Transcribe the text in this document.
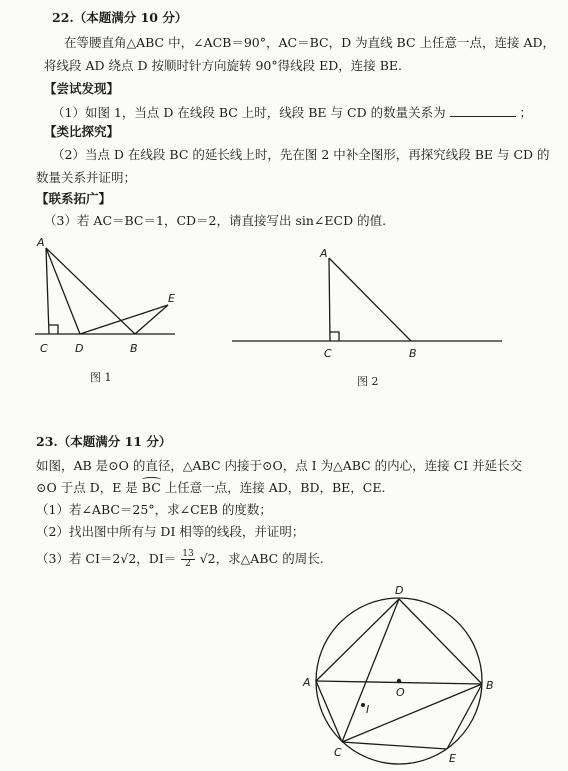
22.（本题满分 10 分）
在等腰直角△ABC 中，∠ACB＝90°，AC＝BC，D 为直线 BC 上任意一点，连接 AD，
将线段 AD 绕点 D 按顺时针方向旋转 90°得线段 ED，连接 BE.
【尝试发现】
（1）如图 1，当点 D 在线段 BC 上时，线段 BE 与 CD 的数量关系为	；
【类比探究】
（2）当点 D 在线段 BC 的延长线上时，先在图 2 中补全图形，再探究线段 BE 与 CD 的
数量关系并证明；
【联系拓广】
（3）若 AC＝BC＝1，CD＝2，请直接写出 sin∠ECD 的值.
A
C D	B
E
图 1
A
C	B
图 2
23.（本题满分 11 分）
如图，AB 是⊙O 的直径，△ABC 内接于⊙O，点 I 为△ABC 的内心，连接 CI 并延长交
⊙O 于点 D，E 是 BC 上任意一点，连接 AD，BD，BE，CE.
（1）若∠ABC＝25°，求∠CEB 的度数；
（2）找出图中所有与 DI 相等的线段，并证明；
（3）若 CI＝2√2，$DI= \frac{13}{2} √2$，求△ABC 的周长.
D
A
O
B
I
C	E
